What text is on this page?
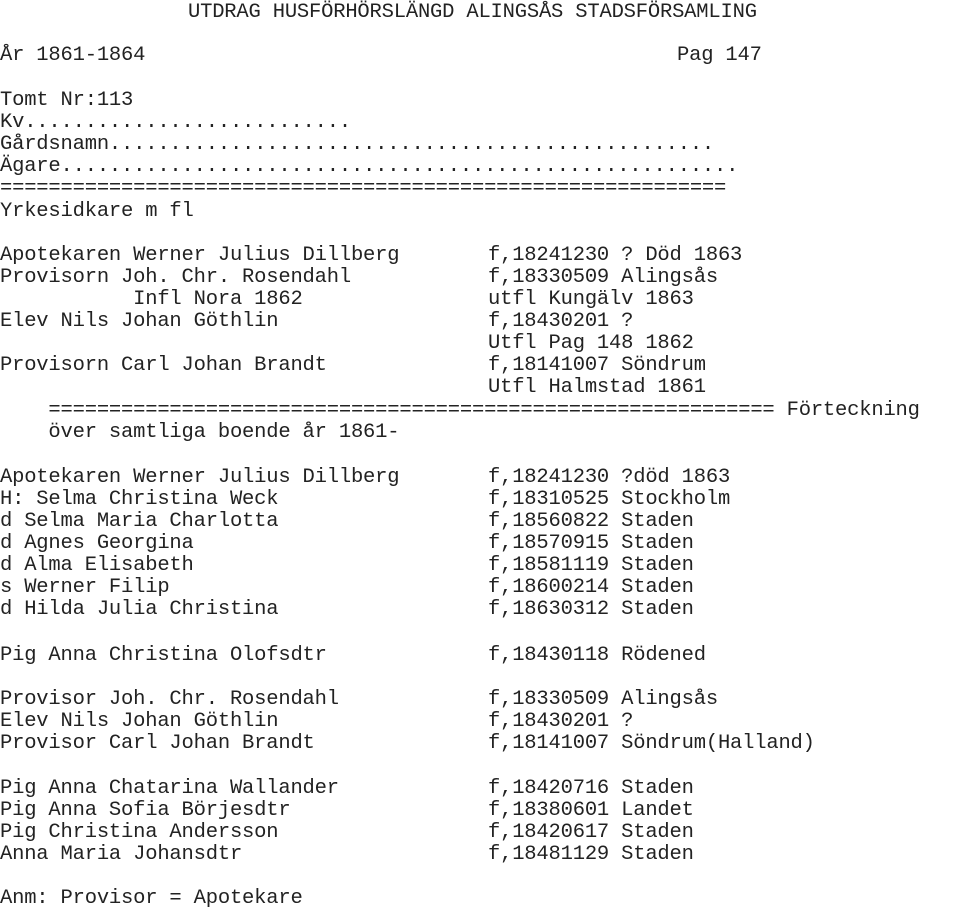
UTDRAG HUSFÖRHÖRSLÄNGD ALINGSÅS STADSFÖRSAMLING
År 1861-1864	Pag 147
Tomt Nr:113
Kv...........................
Gårdsnamn..................................................
Ägare........................................................
============================================================
Yrkesidkare m fl
Apotekaren Werner Julius Dillberg	f,18241230 ? Död 1863
Provisorn Joh. Chr. Rosendahl	f,18330509 Alingsås
Infl Nora 1862	utfl Kungälv 1863
Elev Nils Johan Göthlin	f,18430201 ?
Utfl Pag 148 1862
Provisorn Carl Johan Brandt	f,18141007 Söndrum
Utfl Halmstad 1861
============================================================ Förteckning
över samtliga boende år 1861-
Apotekaren Werner Julius Dillberg	f,18241230 ?död 1863
H: Selma Christina Weck	f,18310525 Stockholm
d Selma Maria Charlotta	f,18560822 Staden
d Agnes Georgina	f,18570915 Staden
d Alma Elisabeth	f,18581119 Staden
s Werner Filip	f,18600214 Staden
d Hilda Julia Christina	f,18630312 Staden
Pig Anna Christina Olofsdtr	f,18430118 Rödened
Provisor Joh. Chr. Rosendahl	f,18330509 Alingsås
Elev Nils Johan Göthlin	f,18430201 ?
Provisor Carl Johan Brandt	f,18141007 Söndrum(Halland)
Pig Anna Chatarina Wallander	f,18420716 Staden
Pig Anna Sofia Börjesdtr	f,18380601 Landet
Pig Christina Andersson	f,18420617 Staden
Anna Maria Johansdtr	f,18481129 Staden
Anm: Provisor = Apotekare
